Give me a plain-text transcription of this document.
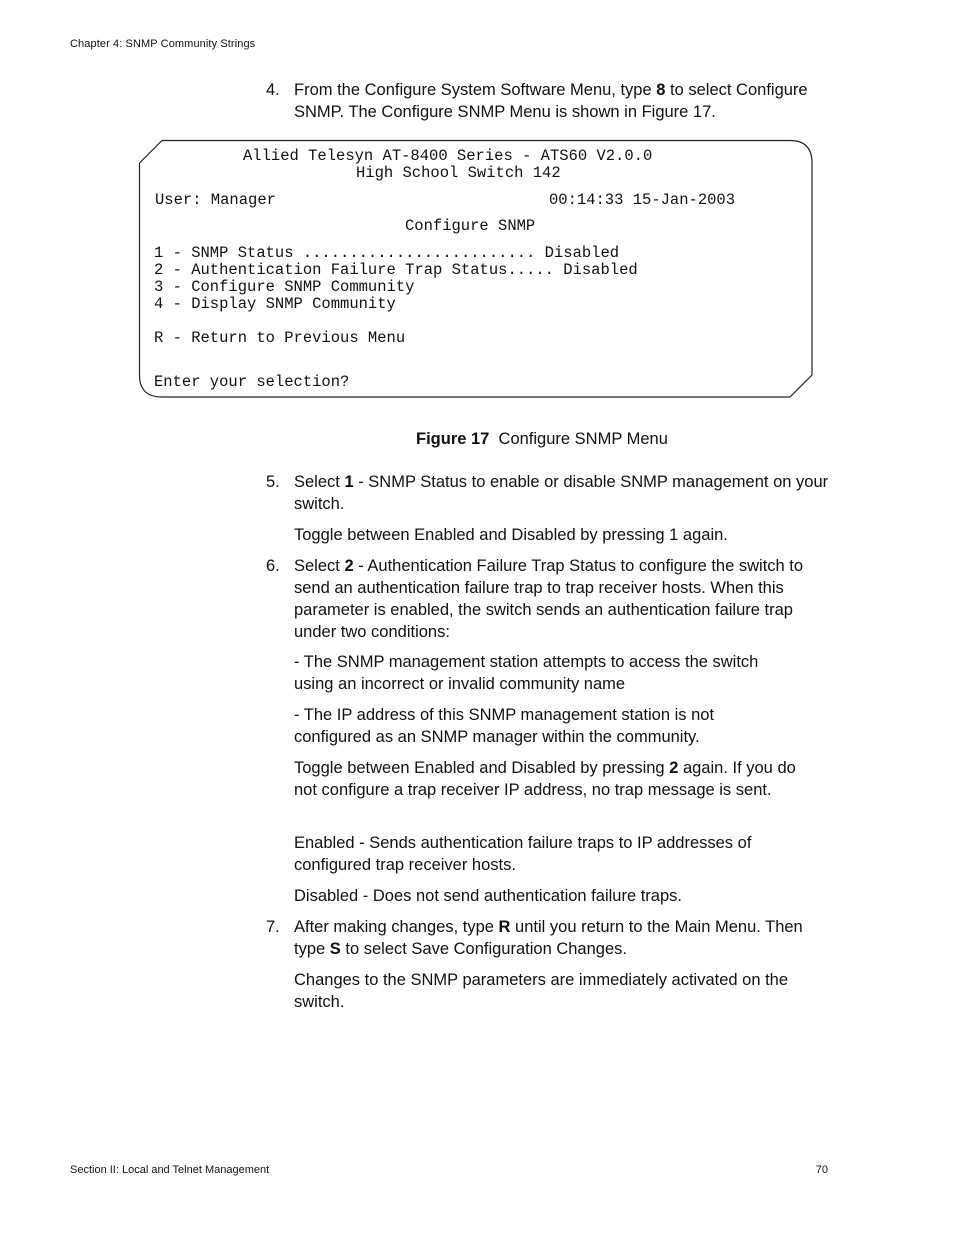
Chapter 4: SNMP Community Strings
4. From the Configure System Software Menu, type 8 to select Configure SNMP. The Configure SNMP Menu is shown in Figure 17.
Allied Telesyn AT-8400 Series - ATS60 V2.0.0
High School Switch 142
User: Manager	00:14:33 15-Jan-2003
Configure SNMP
1 - SNMP Status ......................... Disabled
2 - Authentication Failure Trap Status..... Disabled
3 - Configure SNMP Community
4 - Display SNMP Community
R - Return to Previous Menu
Enter your selection?
Figure 17 Configure SNMP Menu
5. Select 1 - SNMP Status to enable or disable SNMP management on your switch.
Toggle between Enabled and Disabled by pressing 1 again.
6. Select 2 - Authentication Failure Trap Status to configure the switch to send an authentication failure trap to trap receiver hosts. When this parameter is enabled, the switch sends an authentication failure trap under two conditions:
- The SNMP management station attempts to access the switch using an incorrect or invalid community name
- The IP address of this SNMP management station is not configured as an SNMP manager within the community.
Toggle between Enabled and Disabled by pressing 2 again. If you do not configure a trap receiver IP address, no trap message is sent.
Enabled - Sends authentication failure traps to IP addresses of configured trap receiver hosts.
Disabled - Does not send authentication failure traps.
7. After making changes, type R until you return to the Main Menu. Then type S to select Save Configuration Changes.
Changes to the SNMP parameters are immediately activated on the switch.
Section II: Local and Telnet Management	70
